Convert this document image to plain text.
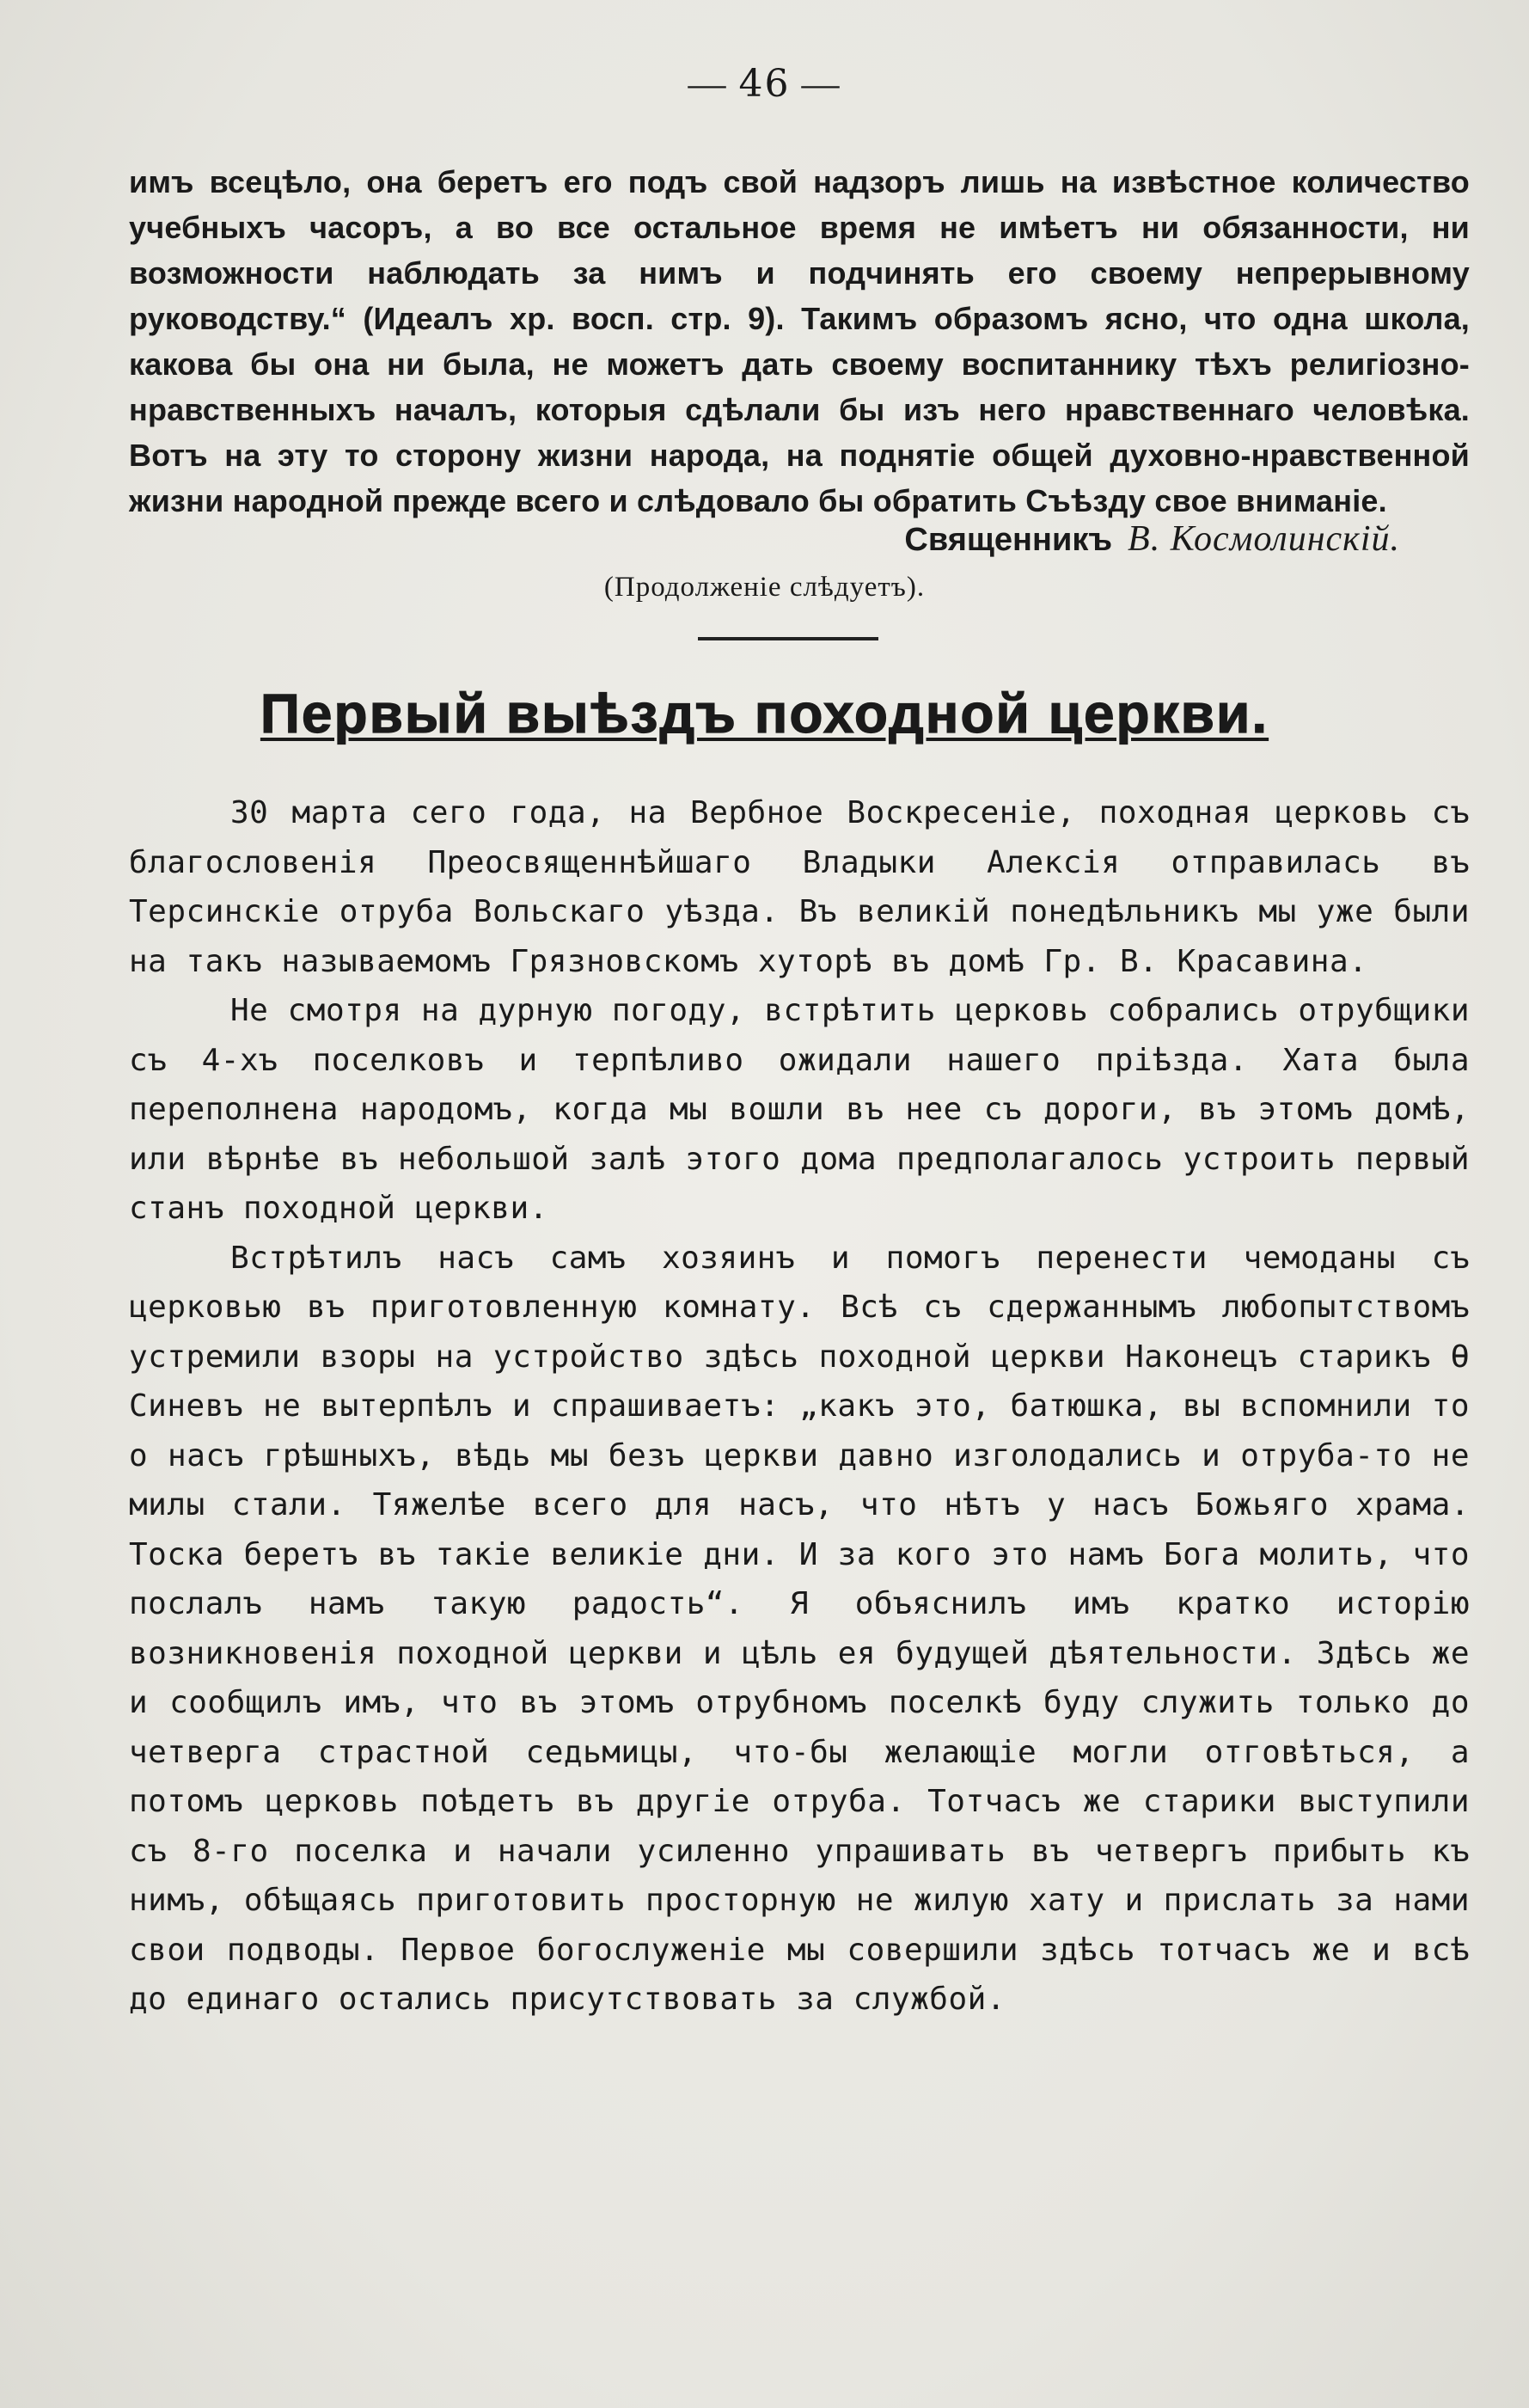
— 46 —

имъ всецѣло, она беретъ его подъ свой надзоръ лишь на извѣстное количество учебныхъ часоръ, а во все остальное время не имѣетъ ни обязанности, ни возможности наблюдать за нимъ и подчинять его своему непрерывному руководству.“ (Идеалъ хр. восп. стр. 9). Такимъ образомъ ясно, что одна школа, какова бы она ни была, не можетъ дать своему воспитаннику тѣхъ религіозно-нравственныхъ началъ, которыя сдѣлали бы изъ него нравственнаго человѣка. Вотъ на эту то сторону жизни народа, на поднятіе общей духовно-нравственной жизни народной прежде всего и слѣдовало бы обратить Съѣзду свое вниманіе.

Священникъ В. Космолинскій.
(Продолженіе слѣдуетъ).
Первый выѣздъ походной церкви.

30 марта сего года, на Вербное Воскресеніе, походная церковь съ благословенія Преосвященнѣйшаго Владыки Алексія отправилась въ Терсинскіе отруба Вольскаго уѣзда. Въ великій понедѣльникъ мы уже были на такъ называемомъ Грязновскомъ хуторѣ въ домѣ Гр. В. Красавина.

Не смотря на дурную погоду, встрѣтить церковь собрались отрубщики съ 4-хъ поселковъ и терпѣливо ожидали нашего пріѣзда. Хата была переполнена народомъ, когда мы вошли въ нее съ дороги, въ этомъ домѣ, или вѣрнѣе въ небольшой залѣ этого дома предполагалось устроить первый станъ походной церкви.

Встрѣтилъ насъ самъ хозяинъ и помогъ перенести чемоданы съ церковью въ приготовленную комнату. Всѣ съ сдержаннымъ любопытствомъ устремили взоры на устройство здѣсь походной церкви Наконецъ старикъ Ѳ Синевъ не вытерпѣлъ и спрашиваетъ: „какъ это, батюшка, вы вспомнили то о насъ грѣшныхъ, вѣдь мы безъ церкви давно изголодались и отруба-то не милы стали. Тяжелѣе всего для насъ, что нѣтъ у насъ Божьяго храма. Тоска беретъ въ такіе великіе дни. И за кого это намъ Бога молить, что послалъ намъ такую радость“. Я объяснилъ имъ кратко исторію возникновенія походной церкви и цѣль ея будущей дѣятельности. Здѣсь же и сообщилъ имъ, что въ этомъ отрубномъ поселкѣ буду служить только до четверга страстной седьмицы, что-бы желающіе могли отговѣться, а потомъ церковь поѣдетъ въ другіе отруба. Тотчасъ же старики выступили съ 8-го поселка и начали усиленно упрашивать въ четвергъ прибыть къ нимъ, обѣщаясь приготовить просторную не жилую хату и прислать за нами свои подводы. Первое богослуженіе мы совершили здѣсь тотчасъ же и всѣ до единаго остались присутствовать за службой.
